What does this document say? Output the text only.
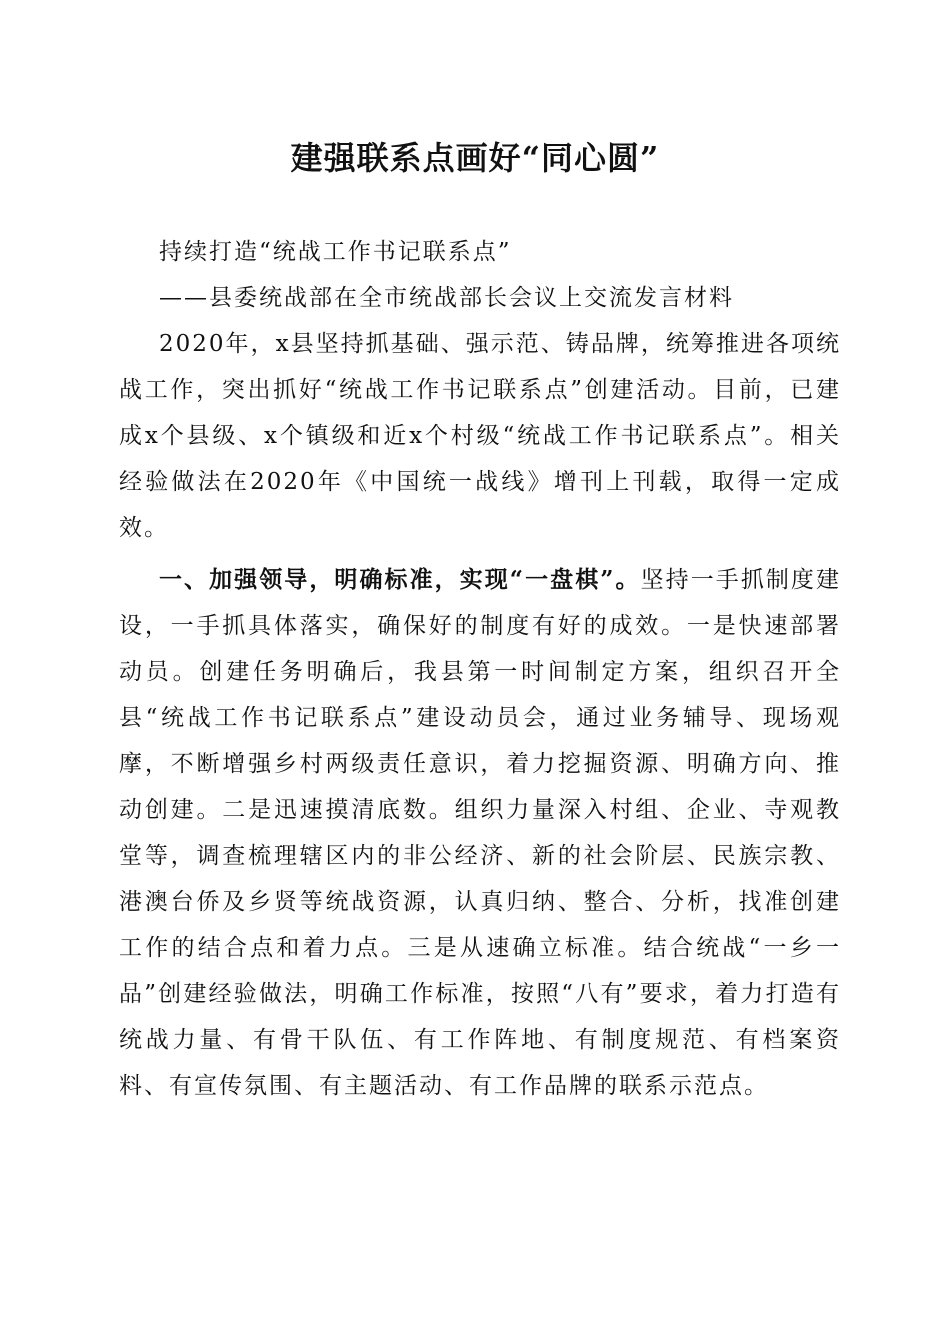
建强联系点画好“同心圆”

持续打造“统战工作书记联系点”

——县委统战部在全市统战部长会议上交流发言材料

2020年，x县坚持抓基础、强示范、铸品牌，统筹推进各项统战工作，突出抓好“统战工作书记联系点”创建活动。目前，已建成x个县级、x个镇级和近x个村级“统战工作书记联系点”。相关经验做法在2020年《中国统一战线》增刊上刊载，取得一定成效。

一、加强领导，明确标准，实现“一盘棋”。坚持一手抓制度建设，一手抓具体落实，确保好的制度有好的成效。一是快速部署动员。创建任务明确后，我县第一时间制定方案，组织召开全县“统战工作书记联系点”建设动员会，通过业务辅导、现场观摩，不断增强乡村两级责任意识，着力挖掘资源、明确方向、推动创建。二是迅速摸清底数。组织力量深入村组、企业、寺观教堂等，调查梳理辖区内的非公经济、新的社会阶层、民族宗教、港澳台侨及乡贤等统战资源，认真归纳、整合、分析，找准创建工作的结合点和着力点。三是从速确立标准。结合统战“一乡一品”创建经验做法，明确工作标准，按照“八有”要求，着力打造有统战力量、有骨干队伍、有工作阵地、有制度规范、有档案资料、有宣传氛围、有主题活动、有工作品牌的联系示范点。
